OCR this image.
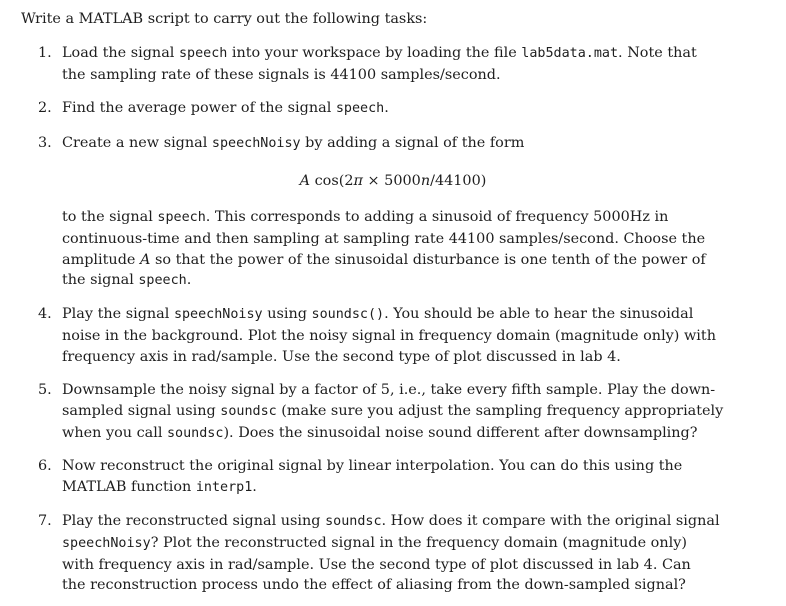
Write a MATLAB script to carry out the following tasks:
1. Load the signal speech into your workspace by loading the file lab5data.mat. Note that
the sampling rate of these signals is 44100 samples/second.
2. Find the average power of the signal speech.
3. Create a new signal speechNoisy by adding a signal of the form
A cos(2π × 5000n/44100)
to the signal speech. This corresponds to adding a sinusoid of frequency 5000Hz in
continuous-time and then sampling at sampling rate 44100 samples/second. Choose the
amplitude A so that the power of the sinusoidal disturbance is one tenth of the power of
the signal speech.
4. Play the signal speechNoisy using soundsc(). You should be able to hear the sinusoidal
noise in the background. Plot the noisy signal in frequency domain (magnitude only) with
frequency axis in rad/sample. Use the second type of plot discussed in lab 4.
5. Downsample the noisy signal by a factor of 5, i.e., take every fifth sample. Play the down-
sampled signal using soundsc (make sure you adjust the sampling frequency appropriately
when you call soundsc). Does the sinusoidal noise sound different after downsampling?
6. Now reconstruct the original signal by linear interpolation. You can do this using the
MATLAB function interp1.
7. Play the reconstructed signal using soundsc. How does it compare with the original signal
speechNoisy? Plot the reconstructed signal in the frequency domain (magnitude only)
with frequency axis in rad/sample. Use the second type of plot discussed in lab 4. Can
the reconstruction process undo the effect of aliasing from the down-sampled signal?
